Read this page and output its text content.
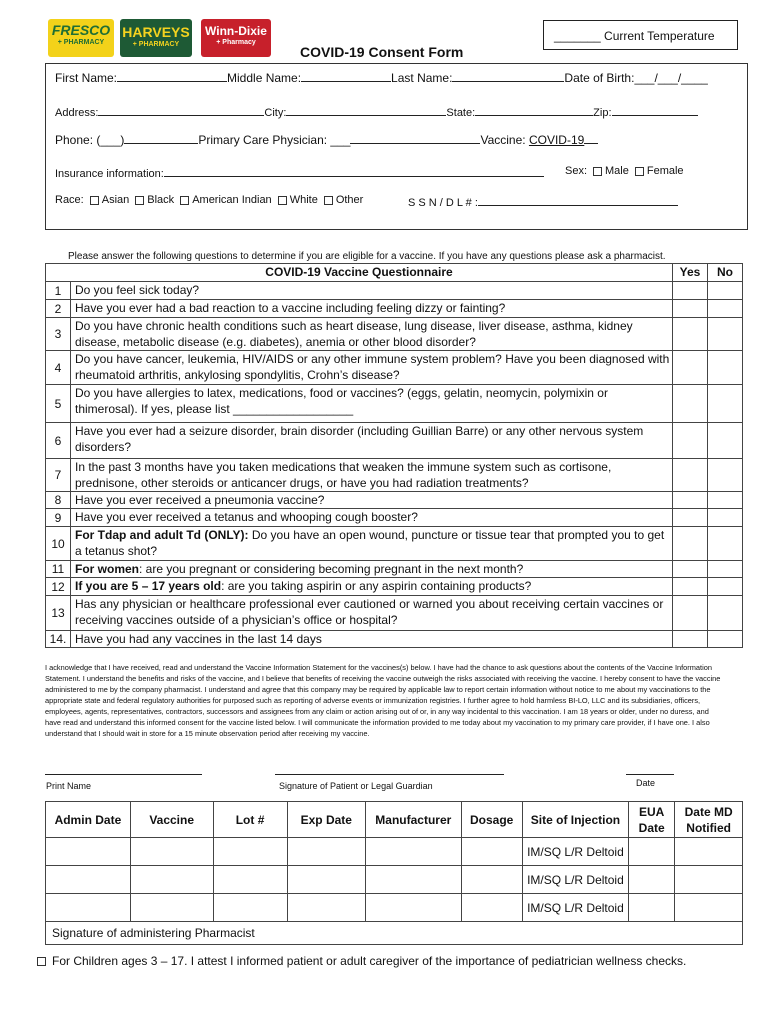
FRESCO
+ PHARMACY
HARVEYS
+ PHARMACY
Winn-Dixie
+ Pharmacy	_______ Current Temperature
COVID-19 Consent Form
First Name:	Middle Name:	Last Name:	Date of Birth:___/___/____
Address:	City:	State:	Zip:
Phone: (___)	Primary Care Physician: ___	Vaccine: COVID-19
Insurance information:	Sex: Male Female
Race: Asian Black American Indian White Other	S S N / D L # :
Please answer the following questions to determine if you are eligible for a vaccine. If you have any questions please ask a pharmacist.
COVID-19 Vaccine Questionnaire		Yes	No
1	Do you feel sick today?		
2	Have you ever had a bad reaction to a vaccine including feeling dizzy or fainting?		
3	Do you have chronic health conditions such as heart disease, lung disease, liver disease, asthma, kidney disease, metabolic disease (e.g. diabetes), anemia or other blood disorder?		
4	Do you have cancer, leukemia, HIV/AIDS or any other immune system problem? Have you been diagnosed with rheumatoid arthritis, ankylosing spondylitis, Crohn’s disease?		
5	Do you have allergies to latex, medications, food or vaccines? (eggs, gelatin, neomycin, polymixin or thimerosal). If yes, please list __________________		
6	Have you ever had a seizure disorder, brain disorder (including Guillian Barre) or any other nervous system disorders?		
7	In the past 3 months have you taken medications that weaken the immune system such as cortisone, prednisone, other steroids or anticancer drugs, or have you had radiation treatments?		
8	Have you ever received a pneumonia vaccine?		
9	Have you ever received a tetanus and whooping cough booster?		
10	For Tdap and adult Td (ONLY): Do you have an open wound, puncture or tissue tear that prompted you to get a tetanus shot?		
11	For women: are you pregnant or considering becoming pregnant in the next month?		
12	If you are 5 – 17 years old: are you taking aspirin or any aspirin containing products?		
13	Has any physician or healthcare professional ever cautioned or warned you about receiving certain vaccines or receiving vaccines outside of a physician’s office or hospital?		
14.	Have you had any vaccines in the last 14 days		
I acknowledge that I have received, read and understand the Vaccine Information Statement for the vaccines(s) below. I have had the chance to ask questions about the contents of the Vaccine Information Statement. I understand the benefits and risks of the vaccine, and I believe that benefits of receiving the vaccine outweigh the risks associated with receiving the vaccine. I hereby consent to have the vaccine administered to me by the company pharmacist. I understand and agree that this company may be required by applicable law to report certain information without notice to me about my vaccinations to the appropriate state and federal regulatory authorities for purposed such as reporting of adverse events or immunization registries. I further agree to hold harmless BI-LO, LLC and its subsidiaries, officers, employees, agents, representatives, contractors, successors and assignees from any claim or action arising out of or, in any way incidental to this vaccination. I am 18 years or older, under no duress, and have read and understand this informed consent for the vaccine listed below. I will communicate the information provided to me today about my vaccination to my primary care provider, if I have one. I also understand that I should wait in store for a 15 minute observation period after receiving my vaccine.
Print Name	Signature of Patient or Legal Guardian	Date
Admin Date	Vaccine	Lot #	Exp Date	Manufacturer	Dosage	Site of Injection	EUA Date	Date MD Notified
						IM/SQ L/R Deltoid		
						IM/SQ L/R Deltoid		
						IM/SQ L/R Deltoid		
Signature of administering Pharmacist								
For Children ages 3 – 17. I attest I informed patient or adult caregiver of the importance of pediatrician wellness checks.
